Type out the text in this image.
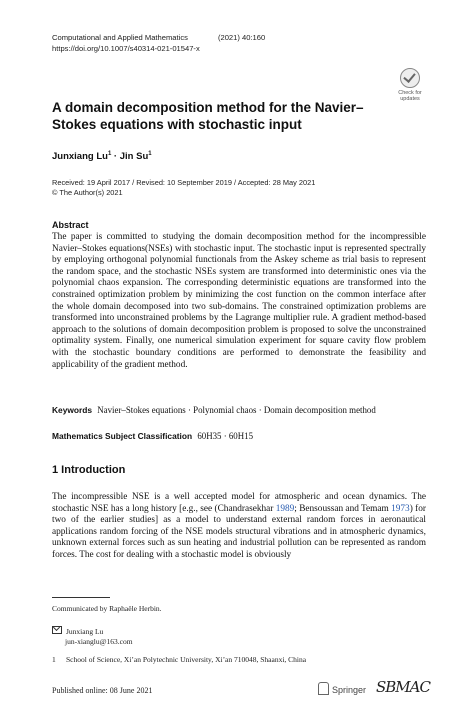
Computational and Applied Mathematics	(2021) 40:160
https://doi.org/10.1007/s40314-021-01547-x
Check for
updates
A domain decomposition method for the Navier–Stokes equations with stochastic input
Junxiang $Lu^1$ · Jin Su$^1$
Received: 19 April 2017 / Revised: 10 September 2019 / Accepted: 28 May 2021
© The Author(s) 2021
Abstract
The paper is committed to studying the domain decomposition method for the incompressible Navier–Stokes equations(NSEs) with stochastic input. The stochastic input is represented spectrally by employing orthogonal polynomial functionals from the Askey scheme as trial basis to represent the random space, and the stochastic NSEs system are transformed into deterministic ones via the polynomial chaos expansion. The corresponding deterministic equations are transformed into the constrained optimization problem by minimizing the cost function on the common interface after the whole domain decomposed into two sub-domains. The constrained optimization problems are transformed into unconstrained problems by the Lagrange multiplier rule. A gradient method-based approach to the solutions of domain decomposition problem is proposed to solve the unconstrained optimality system. Finally, one numerical simulation experiment for square cavity flow problem with the stochastic boundary conditions are performed to demonstrate the feasibility and applicability of the gradient method.
Keywords Navier–Stokes equations · Polynomial chaos · Domain decomposition method
Mathematics Subject Classification 60H35 · 60H15
1 Introduction
The incompressible NSE is a well accepted model for atmospheric and ocean dynamics. The stochastic NSE has a long history [e.g., see (Chandrasekhar 1989; Bensoussan and Temam 1973) for two of the earlier studies] as a model to understand external random forces in aeronautical applications random forcing of the NSE models structural vibrations and in atmospheric dynamics, unknown external forces such as sun heating and industrial pollution can be represented as random forces. The cost for dealing with a stochastic model is obviously
Communicated by Raphaële Herbin.
Junxiang Lu
jun-xianglu@163.com
1 School of Science, Xi’an Polytechnic University, Xi’an 710048, Shaanxi, China
Published online: 08 June 2021	Springer SBMAC
